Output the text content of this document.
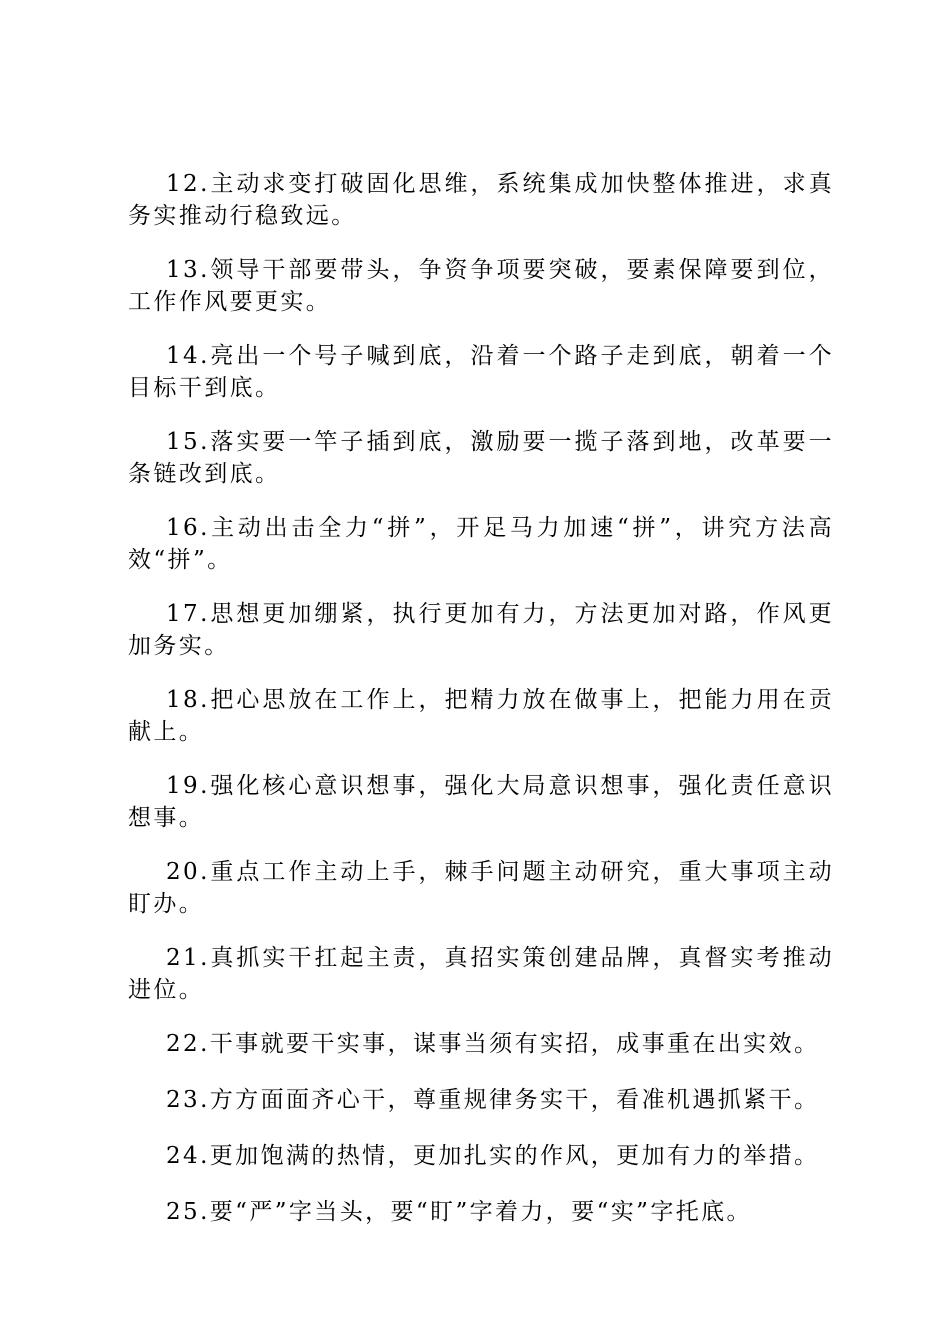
12.主动求变打破固化思维，系统集成加快整体推进，求真务实推动行稳致远。

13.领导干部要带头，争资争项要突破，要素保障要到位，工作作风要更实。

14.亮出一个号子喊到底，沿着一个路子走到底，朝着一个目标干到底。

15.落实要一竿子插到底，激励要一揽子落到地，改革要一条链改到底。

16.主动出击全力“拼”，开足马力加速“拼”，讲究方法高效“拼”。

17.思想更加绷紧，执行更加有力，方法更加对路，作风更加务实。

18.把心思放在工作上，把精力放在做事上，把能力用在贡献上。

19.强化核心意识想事，强化大局意识想事，强化责任意识想事。

20.重点工作主动上手，棘手问题主动研究，重大事项主动盯办。

21.真抓实干扛起主责，真招实策创建品牌，真督实考推动进位。

22.干事就要干实事，谋事当须有实招，成事重在出实效。

23.方方面面齐心干，尊重规律务实干，看准机遇抓紧干。

24.更加饱满的热情，更加扎实的作风，更加有力的举措。

25.要“严”字当头，要“盯”字着力，要“实”字托底。
